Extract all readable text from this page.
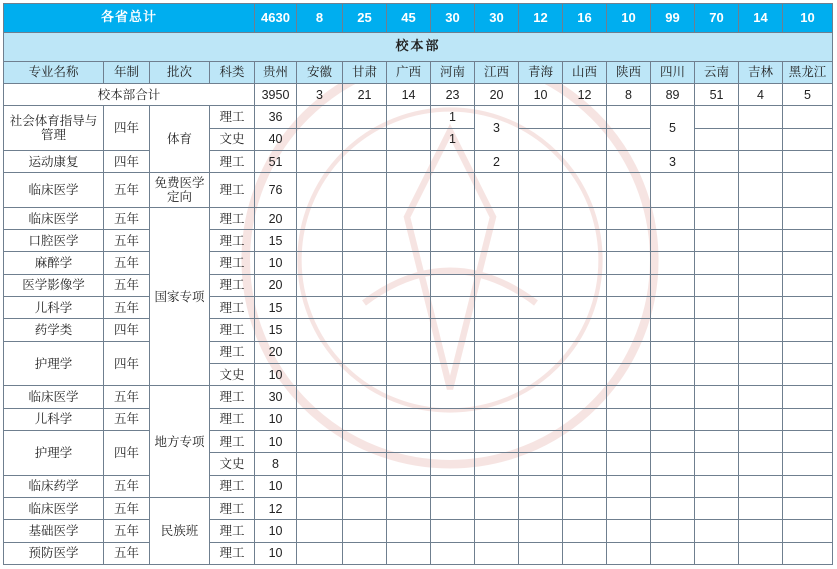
各省总计				4630	8	25	45	30	30	12	16	10	99	70	14	10
校本部																
专业名称	年制	批次	科类	贵州	安徽	甘肃	广西	河南	江西	青海	山西	陕西	四川	云南	吉林	黑龙江
校本部合计				3950	3	21	14	23	20	10	12	8	89	51	4	5
社会体育指导与管理	四年	体育	理工	36				1	3				5			
			文史	40				1								
运动康复	四年		理工	51					2				3			
临床医学	五年	免费医学定向	理工	76												
临床医学	五年	国家专项	理工	20												
口腔医学	五年		理工	15												
麻醉学	五年		理工	10												
医学影像学	五年		理工	20												
儿科学	五年		理工	15												
药学类	四年		理工	15												
护理学	四年		理工	20												
			文史	10												
临床医学	五年	地方专项	理工	30												
儿科学	五年		理工	10												
护理学	四年		理工	10												
			文史	8												
临床药学	五年		理工	10												
临床医学	五年	民族班	理工	12												
基础医学	五年		理工	10												
预防医学	五年		理工	10												
